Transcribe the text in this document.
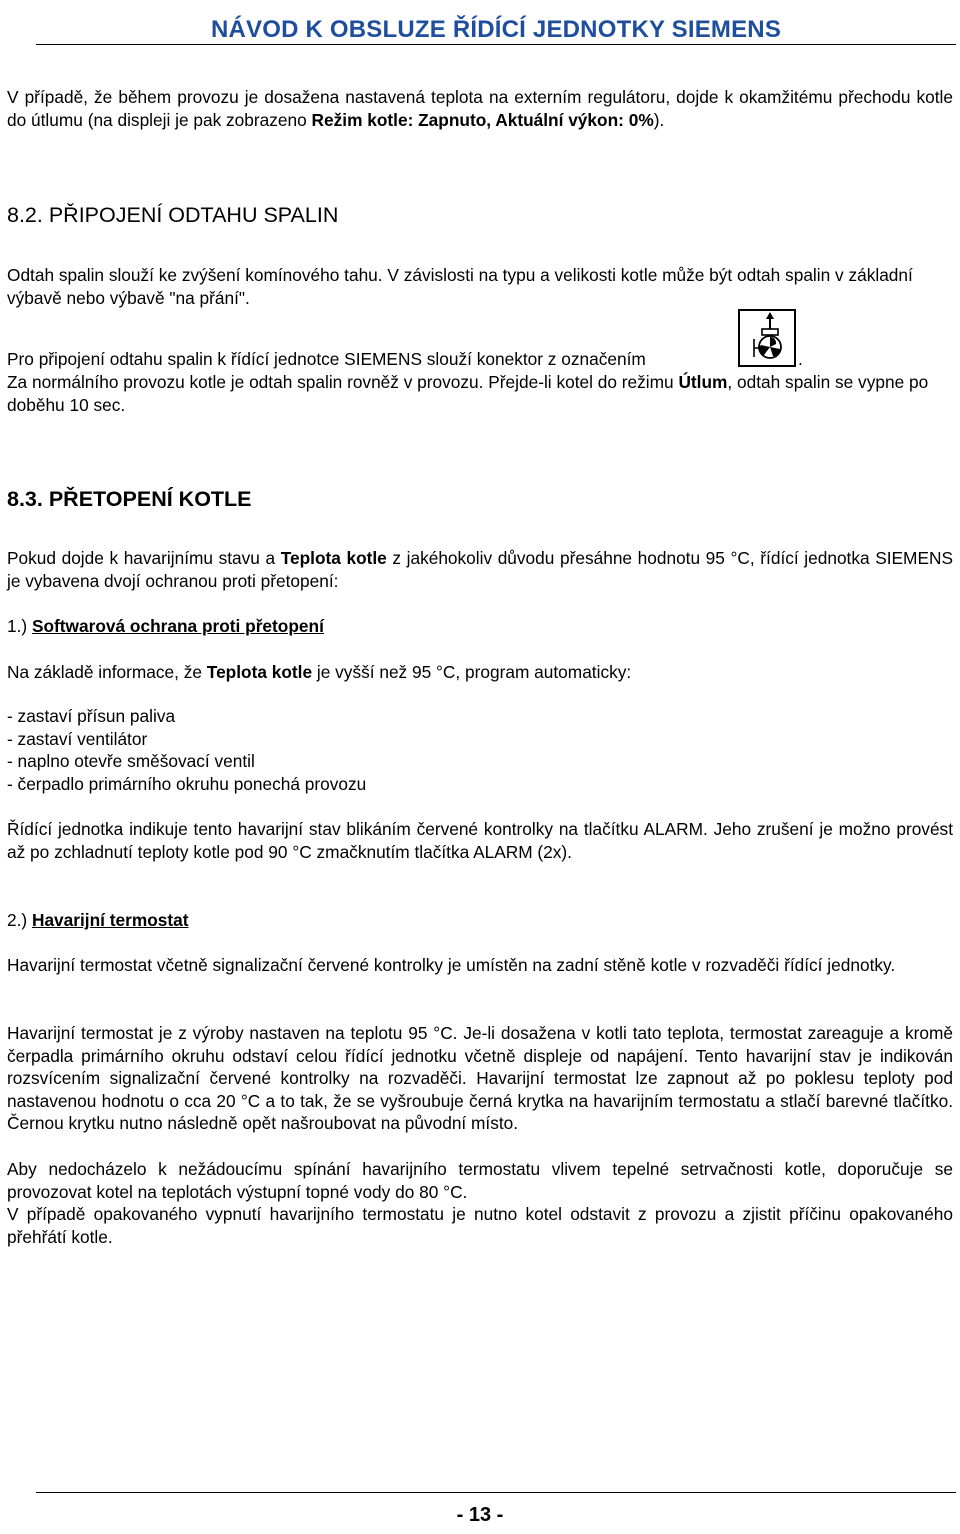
NÁVOD K OBSLUZE ŘÍDÍCÍ JEDNOTKY SIEMENS
V případě, že během provozu je dosažena nastavená teplota na externím regulátoru, dojde k okamžitému přechodu kotle do útlumu (na displeji je pak zobrazeno Režim kotle: Zapnuto, Aktuální výkon: 0%).
8.2. PŘIPOJENÍ ODTAHU SPALIN
Odtah spalin slouží ke zvýšení komínového tahu. V závislosti na typu a velikosti kotle může být odtah spalin v základní výbavě nebo výbavě "na přání".
Pro připojení odtahu spalin k řídící jednotce SIEMENS slouží konektor z označením	.
Za normálního provozu kotle je odtah spalin rovněž v provozu. Přejde-li kotel do režimu Útlum, odtah spalin se vypne po doběhu 10 sec.
8.3. PŘETOPENÍ KOTLE
Pokud dojde k havarijnímu stavu a Teplota kotle z jakéhokoliv důvodu přesáhne hodnotu 95 °C, řídící jednotka SIEMENS je vybavena dvojí ochranou proti přetopení:
1.) Softwarová ochrana proti přetopení
Na základě informace, že Teplota kotle je vyšší než 95 °C, program automaticky:
- zastaví přísun paliva
- zastaví ventilátor
- naplno otevře směšovací ventil
- čerpadlo primárního okruhu ponechá provozu
Řídící jednotka indikuje tento havarijní stav blikáním červené kontrolky na tlačítku ALARM. Jeho zrušení je možno provést až po zchladnutí teploty kotle pod 90 °C zmačknutím tlačítka ALARM (2x).
2.) Havarijní termostat
Havarijní termostat včetně signalizační červené kontrolky je umístěn na zadní stěně kotle v rozvaděči řídící jednotky.
Havarijní termostat je z výroby nastaven na teplotu 95 °C. Je-li dosažena v kotli tato teplota, termostat zareaguje a kromě čerpadla primárního okruhu odstaví celou řídící jednotku včetně displeje od napájení. Tento havarijní stav je indikován rozsvícením signalizační červené kontrolky na rozvaděči. Havarijní termostat lze zapnout až po poklesu teploty pod nastavenou hodnotu o cca 20 °C a to tak, že se vyšroubuje černá krytka na havarijním termostatu a stlačí barevné tlačítko. Černou krytku nutno následně opět našroubovat na původní místo.
Aby nedocházelo k nežádoucímu spínání havarijního termostatu vlivem tepelné setrvačnosti kotle, doporučuje se provozovat kotel na teplotách výstupní topné vody do 80 °C.
V případě opakovaného vypnutí havarijního termostatu je nutno kotel odstavit z provozu a zjistit příčinu opakovaného přehřátí kotle.
- 13 -
